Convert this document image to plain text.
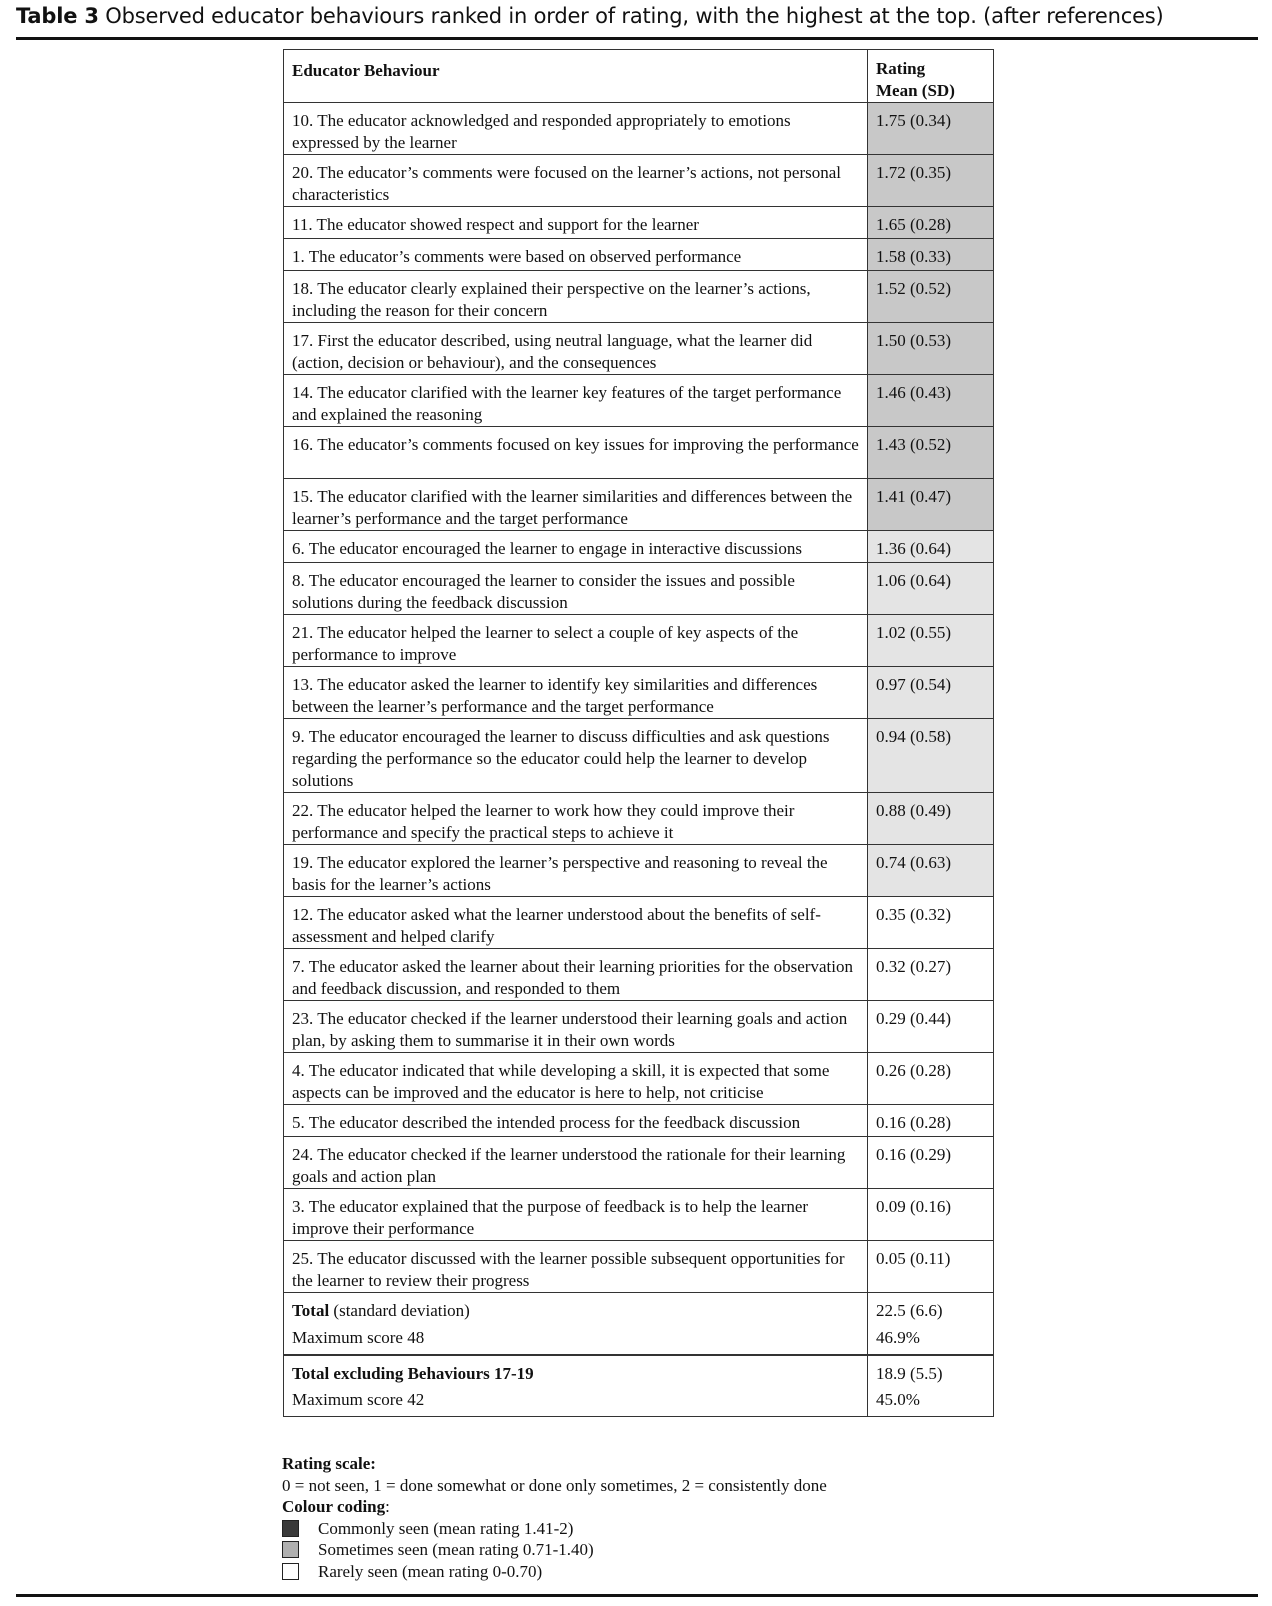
Table 3 Observed educator behaviours ranked in order of rating, with the highest at the top. (after references)
Educator Behaviour	Rating
Mean (SD)
10. The educator acknowledged and responded appropriately to emotions expressed by the learner	1.75 (0.34)
20. The educator’s comments were focused on the learner’s actions, not personal characteristics	1.72 (0.35)
11. The educator showed respect and support for the learner	1.65 (0.28)
1. The educator’s comments were based on observed performance	1.58 (0.33)
18. The educator clearly explained their perspective on the learner’s actions, including the reason for their concern	1.52 (0.52)
17. First the educator described, using neutral language, what the learner did (action, decision or behaviour), and the consequences	1.50 (0.53)
14. The educator clarified with the learner key features of the target performance and explained the reasoning	1.46 (0.43)
16. The educator’s comments focused on key issues for improving the performance	1.43 (0.52)
15. The educator clarified with the learner similarities and differences between the learner’s performance and the target performance	1.41 (0.47)
6. The educator encouraged the learner to engage in interactive discussions	1.36 (0.64)
8. The educator encouraged the learner to consider the issues and possible solutions during the feedback discussion	1.06 (0.64)
21. The educator helped the learner to select a couple of key aspects of the performance to improve	1.02 (0.55)
13. The educator asked the learner to identify key similarities and differences between the learner’s performance and the target performance	0.97 (0.54)
9. The educator encouraged the learner to discuss difficulties and ask questions regarding the performance so the educator could help the learner to develop solutions	0.94 (0.58)
22. The educator helped the learner to work how they could improve their performance and specify the practical steps to achieve it	0.88 (0.49)
19. The educator explored the learner’s perspective and reasoning to reveal the basis for the learner’s actions	0.74 (0.63)
12. The educator asked what the learner understood about the benefits of self-assessment and helped clarify	0.35 (0.32)
7. The educator asked the learner about their learning priorities for the observation and feedback discussion, and responded to them	0.32 (0.27)
23. The educator checked if the learner understood their learning goals and action plan, by asking them to summarise it in their own words	0.29 (0.44)
4. The educator indicated that while developing a skill, it is expected that some aspects can be improved and the educator is here to help, not criticise	0.26 (0.28)
5. The educator described the intended process for the feedback discussion	0.16 (0.28)
24. The educator checked if the learner understood the rationale for their learning goals and action plan	0.16 (0.29)
3. The educator explained that the purpose of feedback is to help the learner improve their performance	0.09 (0.16)
25. The educator discussed with the learner possible subsequent opportunities for the learner to review their progress	0.05 (0.11)
Total (standard deviation)	22.5 (6.6)
Maximum score 48	46.9%
Total excluding Behaviours 17-19	18.9 (5.5)
Maximum score 42	45.0%
Rating scale:
0 = not seen, 1 = done somewhat or done only sometimes, 2 = consistently done
Colour coding:
Commonly seen (mean rating 1.41-2)
Sometimes seen (mean rating 0.71-1.40)
Rarely seen (mean rating 0-0.70)
